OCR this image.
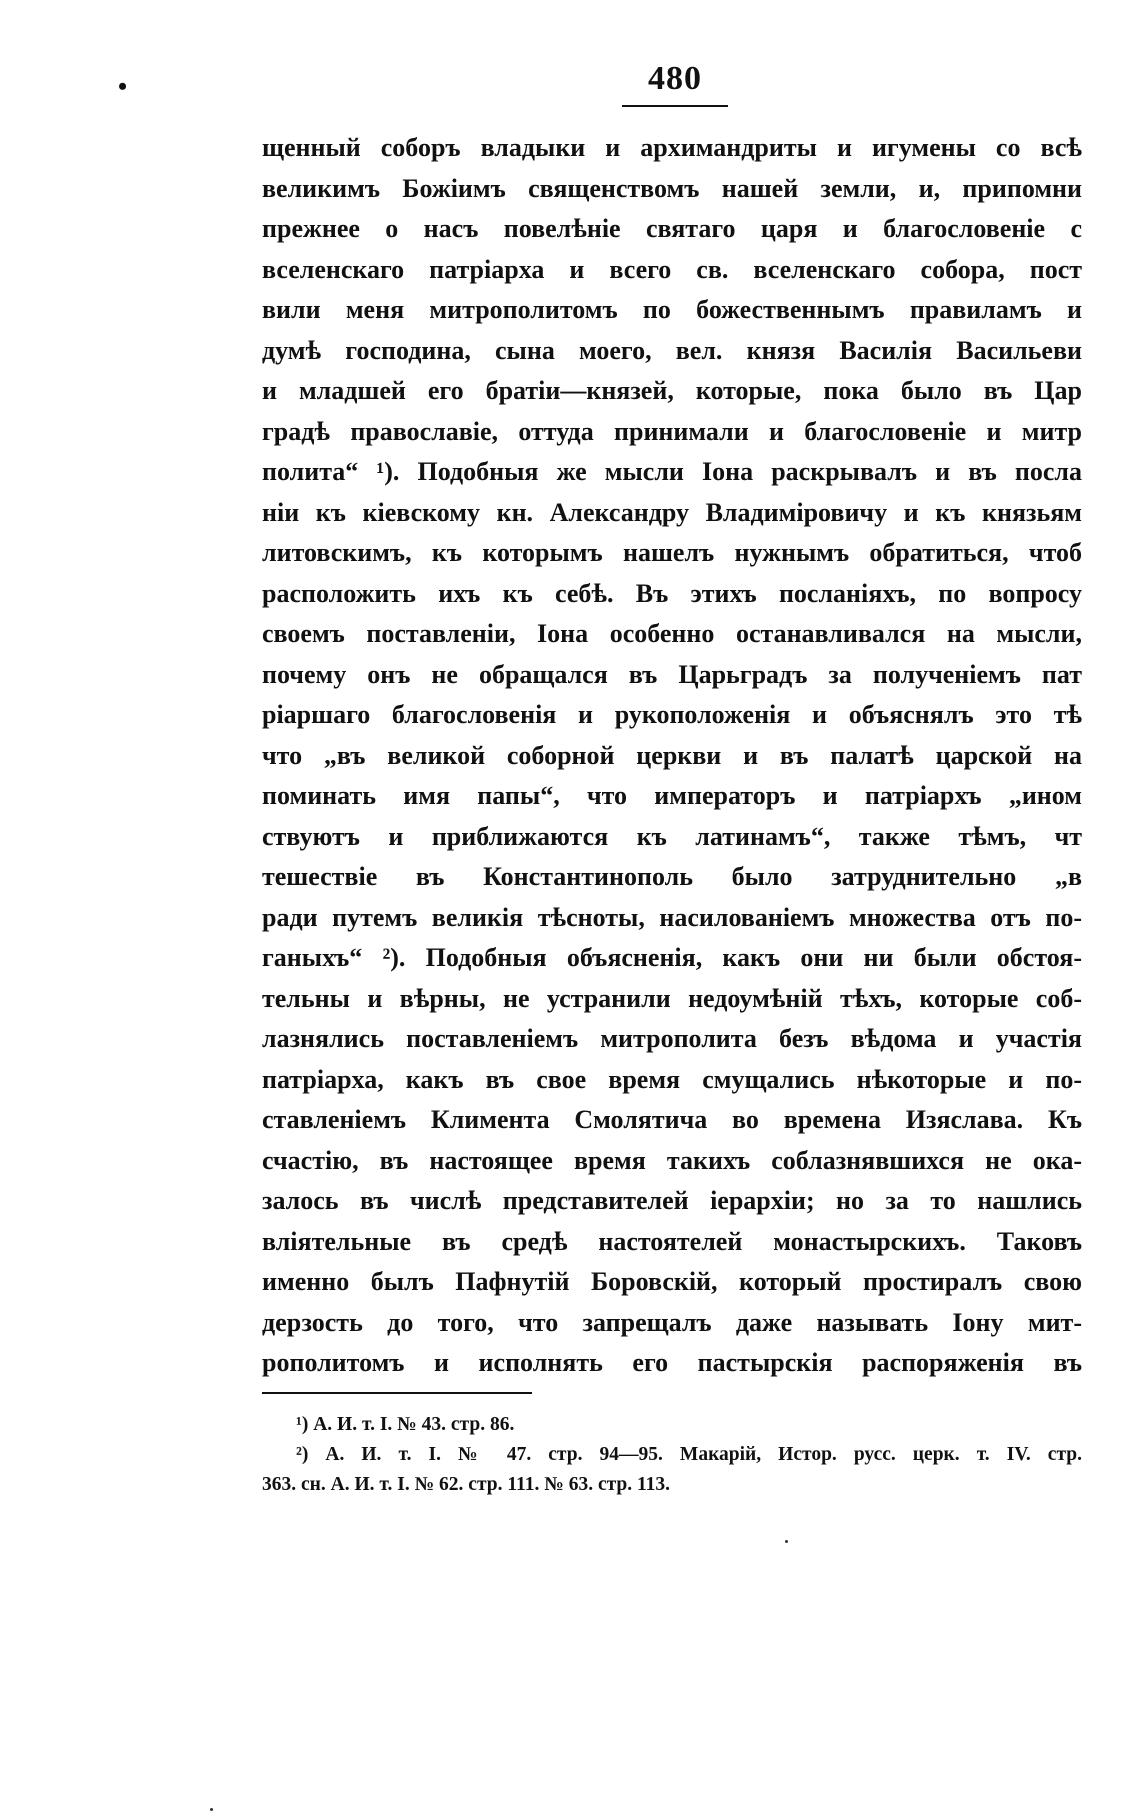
•	480
щенный соборъ владыки и архимандриты и игумены со всѣ
великимъ Божіимъ священствомъ нашей земли, и, припомни
прежнее о насъ повелѣніе святаго царя и благословеніе с
вселенскаго патріарха и всего св. вселенскаго собора, пост
вили меня митрополитомъ по божественнымъ правиламъ и
думѣ господина, сына моего, вел. князя Василія Васильеви
и младшей его братіи—князей, которые, пока было въ Цар
градѣ православіе, оттуда принимали и благословеніе и митр
полита“ ¹). Подобныя же мысли Іона раскрывалъ и въ посла
ніи къ кіевскому кн. Александру Владиміровичу и къ князьям
литовскимъ, къ которымъ нашелъ нужнымъ обратиться, чтоб
расположить ихъ къ себѣ. Въ этихъ посланіяхъ, по вопросу
своемъ поставленіи, Іона особенно останавливался на мысли,
почему онъ не обращался въ Царьградъ за полученіемъ пат
ріаршаго благословенія и рукоположенія и объяснялъ это тѣ
что „въ великой соборной церкви и въ палатѣ царской на
поминать имя папы“, что императоръ и патріархъ „ином
ствуютъ и приближаются къ латинамъ“, также тѣмъ, чт
тешествіе въ Константинополь было затруднительно „в
ради путемъ великія тѣсноты, насилованіемъ множества отъ по-
ганыхъ“ ²). Подобныя объясненія, какъ они ни были обстоя-
тельны и вѣрны, не устранили недоумѣній тѣхъ, которые соб-
лазнялись поставленіемъ митрополита безъ вѣдома и участія
патріарха, какъ въ свое время смущались нѣкоторые и по-
ставленіемъ Климента Смолятича во времена Изяслава. Къ
счастію, въ настоящее время такихъ соблазнявшихся не ока-
залось въ числѣ представителей іерархіи; но за то нашлись
вліятельные въ средѣ настоятелей монастырскихъ. Таковъ
именно былъ Пафнутій Боровскій, который простиралъ свою
дерзость до того, что запрещалъ даже называть Іону мит-
рополитомъ и исполнять его пастырскія распоряженія въ
¹) А. И. т. І. № 43. стр. 86.
²) А. И. т. І. № 47. стр. 94—95. Макарій, Истор. русс. церк. т. IV. стр.
363. сн. А. И. т. І. № 62. стр. 111. № 63. стр. 113.
